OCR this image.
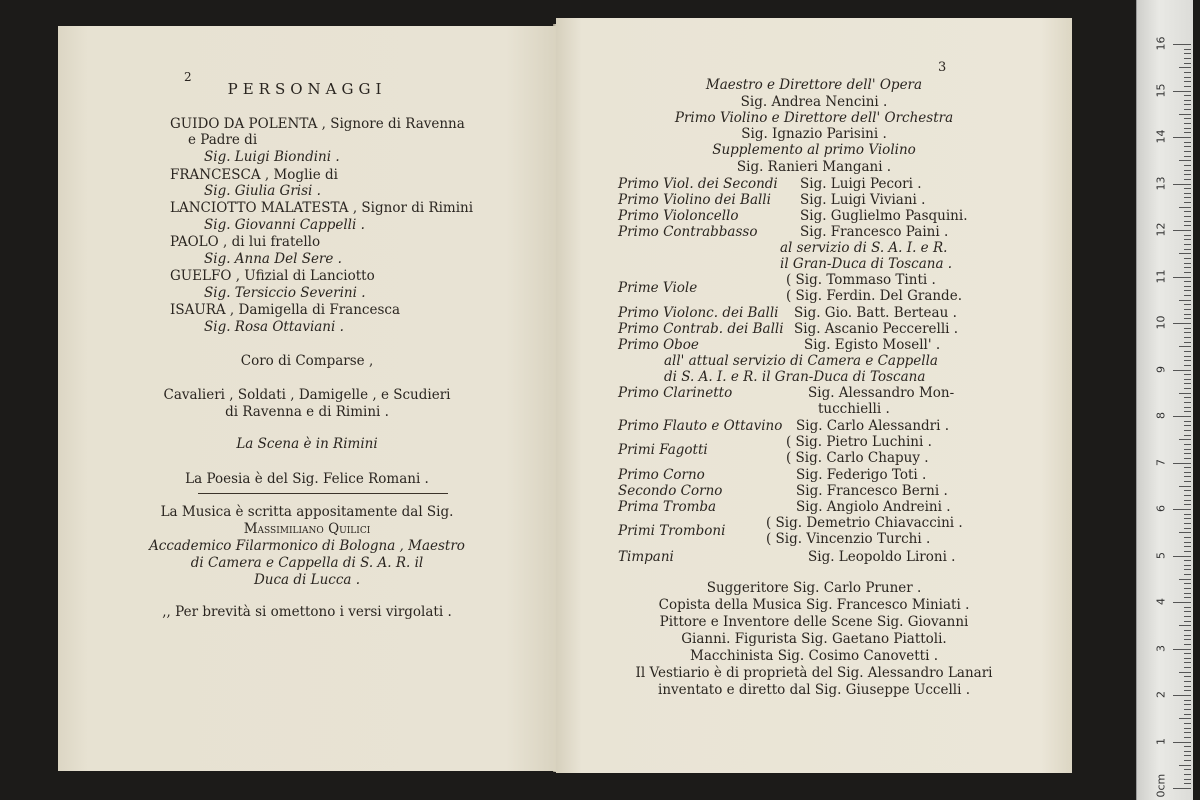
2
PERSONAGGI
GUIDO DA POLENTA , Signore di Ravenna
e Padre di
Sig. Luigi Biondini .
FRANCESCA , Moglie di
Sig. Giulia Grisi .
LANCIOTTO MALATESTA , Signor di Rimini
Sig. Giovanni Cappelli .
PAOLO , di lui fratello
Sig. Anna Del Sere .
GUELFO , Ufizial di Lanciotto
Sig. Tersiccio Severini .
ISAURA , Damigella di Francesca
Sig. Rosa Ottaviani .
Coro di Comparse ,
Cavalieri , Soldati , Damigelle , e Scudieri
di Ravenna e di Rimini .
La Scena è in Rimini
La Poesia è del Sig. Felice Romani .
La Musica è scritta appositamente dal Sig.
Massimiliano Quilici
Accademico Filarmonico di Bologna , Maestro
di Camera e Cappella di S. A. R. il
Duca di Lucca .
,, Per brevità si omettono i versi virgolati .
3
Maestro e Direttore dell' Opera
Sig. Andrea Nencini .
Primo Violino e Direttore dell' Orchestra
Sig. Ignazio Parisini .
Supplemento al primo Violino
Sig. Ranieri Mangani .
Primo Viol. dei Secondi Sig. Luigi Pecori .
Primo Violino dei Balli Sig. Luigi Viviani .
Primo Violoncello	Sig. Guglielmo Pasquini.
Primo Contrabbasso	Sig. Francesco Paini .
al servizio di S. A. I. e R.
il Gran-Duca di Toscana .
Prime Viole	( Sig. Tommaso Tinti .
( Sig. Ferdin. Del Grande.
Primo Violonc. dei Balli Sig. Gio. Batt. Berteau .
Primo Contrab. dei Balli Sig. Ascanio Peccerelli .
Primo Oboe	Sig. Egisto Mosell' .
all' attual servizio di Camera e Cappella
di S. A. I. e R. il Gran-Duca di Toscana
Primo Clarinetto	Sig. Alessandro Mon-
tucchielli .
Primo Flauto e Ottavino Sig. Carlo Alessandri .
Primi Fagotti	( Sig. Pietro Luchini .
( Sig. Carlo Chapuy .
Primo Corno	Sig. Federigo Toti .
Secondo Corno	Sig. Francesco Berni .
Prima Tromba	Sig. Angiolo Andreini .
Primi Tromboni	( Sig. Demetrio Chiavaccini .
( Sig. Vincenzio Turchi .
Timpani	Sig. Leopoldo Lironi .
Suggeritore Sig. Carlo Pruner .
Copista della Musica Sig. Francesco Miniati .
Pittore e Inventore delle Scene Sig. Giovanni
Gianni. Figurista Sig. Gaetano Piattoli.
Macchinista Sig. Cosimo Canovetti .
Il Vestiario è di proprietà del Sig. Alessandro Lanari
inventato e diretto dal Sig. Giuseppe Uccelli .
16
15
14
13
12
11
10
9
8
7
6
5
4
3
2
1
0cm
